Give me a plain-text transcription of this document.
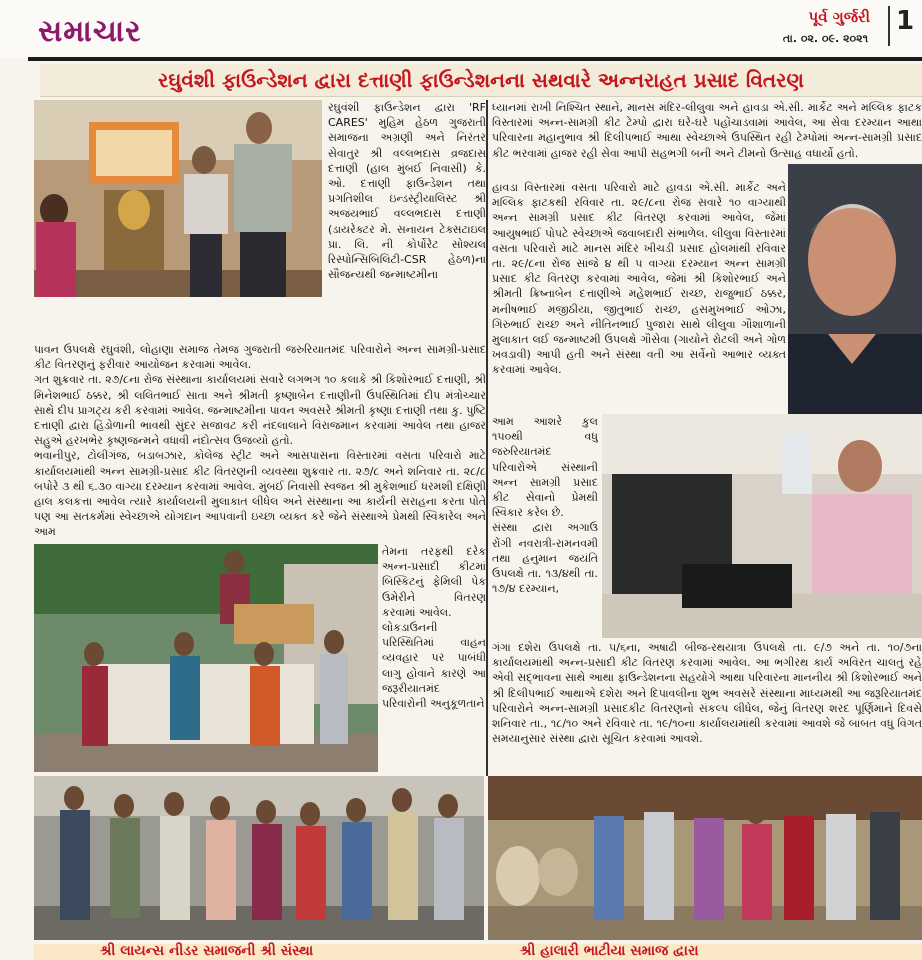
સમાચાર	પૂર્વ ગુર્જરી
તા. ૦૨. ૦૯. ૨૦૨૧
1
રઘુવંશી ફાઉન્ડેશન દ્વારા દત્તાણી ફાઉન્ડેશનના સથવારે અન્નરાહત પ્રસાદ વિતરણ
રઘુવંશી ફાઉન્ડેશન દ્વારા 'RF CARES' મુહિમ હેઠળ ગુજરાતી સમાજના અગ્રણી અને નિરંતર સેવાતુર શ્રી વલ્લભદાસ વ્રજદાસ દત્તાણી (હાલ મુંબઈ નિવાસી) કે. ઓ. દત્તાણી ફાઉન્ડેશન તથા પ્રગતિશીલ ઇન્ડસ્ટ્રીયાલિસ્ટ શ્રી અજયભાઈ વલ્લભદાસ દત્તાણી (ડાયરેક્ટર મે. સનાયન ટેક્સટાઇલ પ્રા. લિ. ની કોર્પોરેટ સોશ્યલ રિસ્પોન્સિબિલિટી-CSR હેઠળ)ના સૌજન્યથી જન્માષ્ટમીના
પાવન ઉપલક્ષે રઘુવંશી, લોહાણા સમાજ તેમજ ગુજરાતી જરુરિયાતમંદ પરિવારોને અન્ન સામગ્રી-પ્રસાદ કીટ વિતરણનું ફરીવાર આયોજન કરવામાં આવેલ.
ગત શુક્રવાર તા. ૨૭/૮ના રોજ સંસ્થાના કાર્યાલયમાં સવારે લગભગ ૧૦ કલાકે શ્રી કિશોરભાઈ દત્તાણી, શ્રી મિનેશભાઈ ઠક્કર, શ્રી લલિતભાઈ સાતા અને શ્રીમતી કૃષ્ણાબેન દત્તાણીની ઉપસ્થિતિમાં દીપ મંત્રોચ્ચાર સાથે દીપ પ્રાગટ્ય કરી કરવામાં આવેલ. જન્માષ્ટમીના પાવન અવસરે શ્રીમતી કૃષ્ણા દત્તાણી તથા કુ. પુષ્ટિ દત્તાણી દ્વારા હિંડોળાની ભાવથી સુંદર સજાવટ કરી નંદલાલાને વિરાજમાન કરવામાં આવેલ તથા હાજર સહુએ હરખભેર કૃષ્ણજન્મને વધાવી નંદોત્સવ ઉજવ્યો હતો.
ભવાનીપુર, ટોલીગંજ, બડાબઝાર, કોલેજ સ્ટ્રીટ અને આસપાસના વિસ્તારમાં વસતા પરિવારો માટે કાર્યાલયમાંથી અન્ન સામગ્રી-પ્રસાદ કીટ વિતરણની વ્યવસ્થા શુક્રવાર તા. ૨૭/૮ અને શનિવાર તા. ૨૮/૮ બપોરે ૩ થી ૬.૩૦ વાગ્યા દરમ્યાન કરવામાં આવેલ. મુંબઈ નિવાસી સ્વજન શ્રી મુકેશભાઈ ધરમશી દક્ષિણી હાલ કલકત્તા આવેલ ત્યારે કાર્યાલયની મુલાકાત લીધેલ અને સંસ્થાના આ કાર્યની સરાહના કરતા પોતે પણ આ સતકર્મમાં સ્વેચ્છાએ યોગદાન આપવાની ઇચ્છા વ્યક્ત કરે જેને સંસ્થાએ પ્રેમથી સ્વિકારેલ અને આમ
તેમના તરફથી દરેક અન્ન-પ્રસાદી કીટમાં બિસ્કિટનું ફેમિલી પેક ઉમેરીને વિતરણ કરવામાં આવેલ.
લોકડાઉનની પરિસ્થિતિમાં વાહન વ્યવહાર પર પાબંધી લાગુ હોવાને કારણે આ જરૂરીયાતમંદ પરિવારોની અનુકૂળતાને
ધ્યાનમાં રાખી નિશ્ચિત સ્થાને, માનસ મંદિર-લીલુવા અને હાવડા એ.સી. માર્કેટ અને મલ્લિક ફાટક વિસ્તારમાં અન્ન-સામગ્રી કીટ ટેમ્પો દ્વારા ઘરે-ઘરે પહોંચાડવામાં આવેલ, આ સેવા દરમ્યાન આથા પરિવારના મહાનુભાવ શ્રી દિલીપભાઈ આથા સ્વેચ્છાએ ઉપસ્થિત રહી ટેમ્પોમાં અન્ન-સામગ્રી પ્રસાદ કીટ ભરવામાં હાજર રહી સેવા આપી સહભગી બની અને ટીમનો ઉત્સાહ વધાર્યો હતો.
હાવડા વિસ્તારમાં વસતા પરિવારો માટે હાવડા એ.સી. માર્કેટ અને મલ્લિક ફાટકથી રવિવાર તા. ૨૯/૮ના રોજ સવારે ૧૦ વાગ્યાથી અન્ન સામગ્રી પ્રસાદ કીટ વિતરણ કરવામાં આવેલ, જેમાં આયુષભાઈ પોપટે સ્વેચ્છાએ જવાબદારી સંભાળેલ. લીલુવા વિસ્તારમાં વસતા પરિવારો માટે માનસ મંદિર ખીચડી પ્રસાદ હોલમાંથી રવિવાર તા. ૨૯/૮ના રોજ સાંજે ૪ થી ૫ વાગ્યા દરમ્યાન અન્ન સામગ્રી પ્રસાદ કીટ વિતરણ કરવામાં આવેલ, જેમાં શ્રી કિશોરભાઈ અને શ્રીમતી ક્રિષ્નાબેન દત્તાણીએ મહેશભાઈ રાચ્છ, રાજુભાઈ ઠક્કર, મનીષભાઈ મજીઠીયા, જીતુભાઈ રાચ્છ, હસમુખભાઈ ઓઝા, ગિરુભાઈ રાચ્છ અને નીતિનભાઈ પુજારા સાથે લીલુવા ગૌશાળાની મુલાકાત લઈ જન્માષ્ટમી ઉપલક્ષે ગૌસેવા (ગાયોને રોટલી અને ગોળ ખવડાવી) આપી હતી અને સંસ્થા વતી આ સર્વેનો આભાર વ્યક્ત કરવામાં આવેલ.
આમ આશરે કુલ ૧૫૦થી વધુ જરુરિયાતમંદ પરિવારોએ સંસ્થાની અન્ન સામગ્રી પ્રસાદ કીટ સેવાનો પ્રેમથી સ્વિકાર કરેલ છે.
સંસ્થા દ્વારા અગાઉ રોંગી નવરાત્રી-રામનવમી તથા હનુમાન જયંતિ ઉપલક્ષે તા. ૧૩/૪થી તા. ૧૭/૪ દરમ્યાન,
ગંગા દશેરા ઉપલક્ષે તા. ૫/૬ના, અષાઢી બીજ-રથયાત્રા ઉપલક્ષે તા. ૯/૭ અને તા. ૧૦/૭ના કાર્યાલયમાંથી અન્ન-પ્રસાદી કીટ વિતરણ કરવામાં આવેલ. આ ભગીરથ કાર્ય અવિરત ચાલતું રહે એવી સદ્ભાવના સાથે આથા ફાઉન્ડેશનના સહયોગે આથા પરિવારના માનનીય શ્રી કિશોરભાઈ અને શ્રી દિલીપભાઈ આથાએ દશેરા અને દિપાવલીના શુભ અવસરે સંસ્થાના માધ્યમથી આ જરૂરિયાતમંદ પરિવારોને અન્ન-સામગ્રી પ્રસાદકીટ વિતરણનો સંકલ્પ લીધેલ, જેનું વિતરણ શરદ પૂર્ણિમાને દિવસે શનિવાર તા., ૧૮/૧૦ અને રવિવાર તા. ૧૯/૧૦ના કાર્યાલયમાંથી કરવામાં આવશે જે બાબત વધુ વિગત સમયાનુસાર સંસ્થા દ્વારા સૂચિત કરવામાં આવશે.
શ્રી લાયન્સ નીડર સમાજની શ્રી સંસ્થા	શ્રી હાલારી ભાટીયા સમાજ દ્વારા
